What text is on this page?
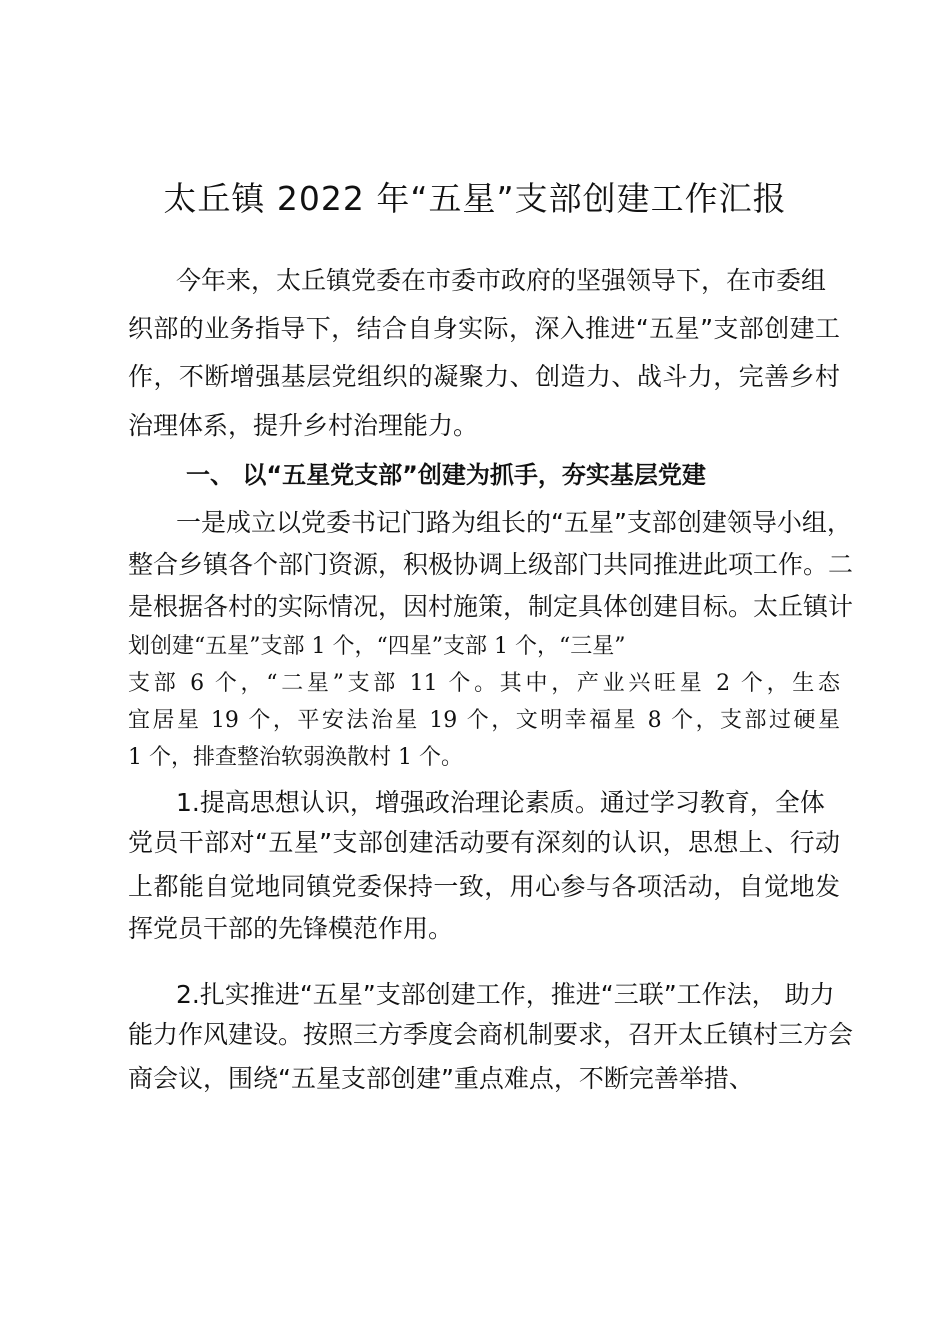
太丘镇 2022 年“五星”支部创建工作汇报

今年来，太丘镇党委在市委市政府的坚强领导下，在市委组

织部的业务指导下，结合自身实际，深入推进“五星”支部创建工

作，不断增强基层党组织的凝聚力、创造力、战斗力，完善乡村

治理体系，提升乡村治理能力。

一、 以“五星党支部”创建为抓手，夯实基层党建

一是成立以党委书记门路为组长的“五星”支部创建领导小组，

整合乡镇各个部门资源，积极协调上级部门共同推进此项工作。二

是根据各村的实际情况，因村施策，制定具体创建目标。太丘镇计

划创建“五星”支部 1 个，“四星”支部 1 个，“三星”

支部 6 个，“二星”支部 11 个。其中，产业兴旺星 2 个，生态

宜居星 19 个，平安法治星 19 个，文明幸福星 8 个，支部过硬星

1 个，排查整治软弱涣散村 1 个。

1.提高思想认识，增强政治理论素质。通过学习教育，全体

党员干部对“五星”支部创建活动要有深刻的认识，思想上、行动

上都能自觉地同镇党委保持一致，用心参与各项活动，自觉地发

挥党员干部的先锋模范作用。

2.扎实推进“五星”支部创建工作，推进“三联”工作法， 助力

能力作风建设。按照三方季度会商机制要求，召开太丘镇村三方会

商会议，围绕“五星支部创建”重点难点，不断完善举措、
